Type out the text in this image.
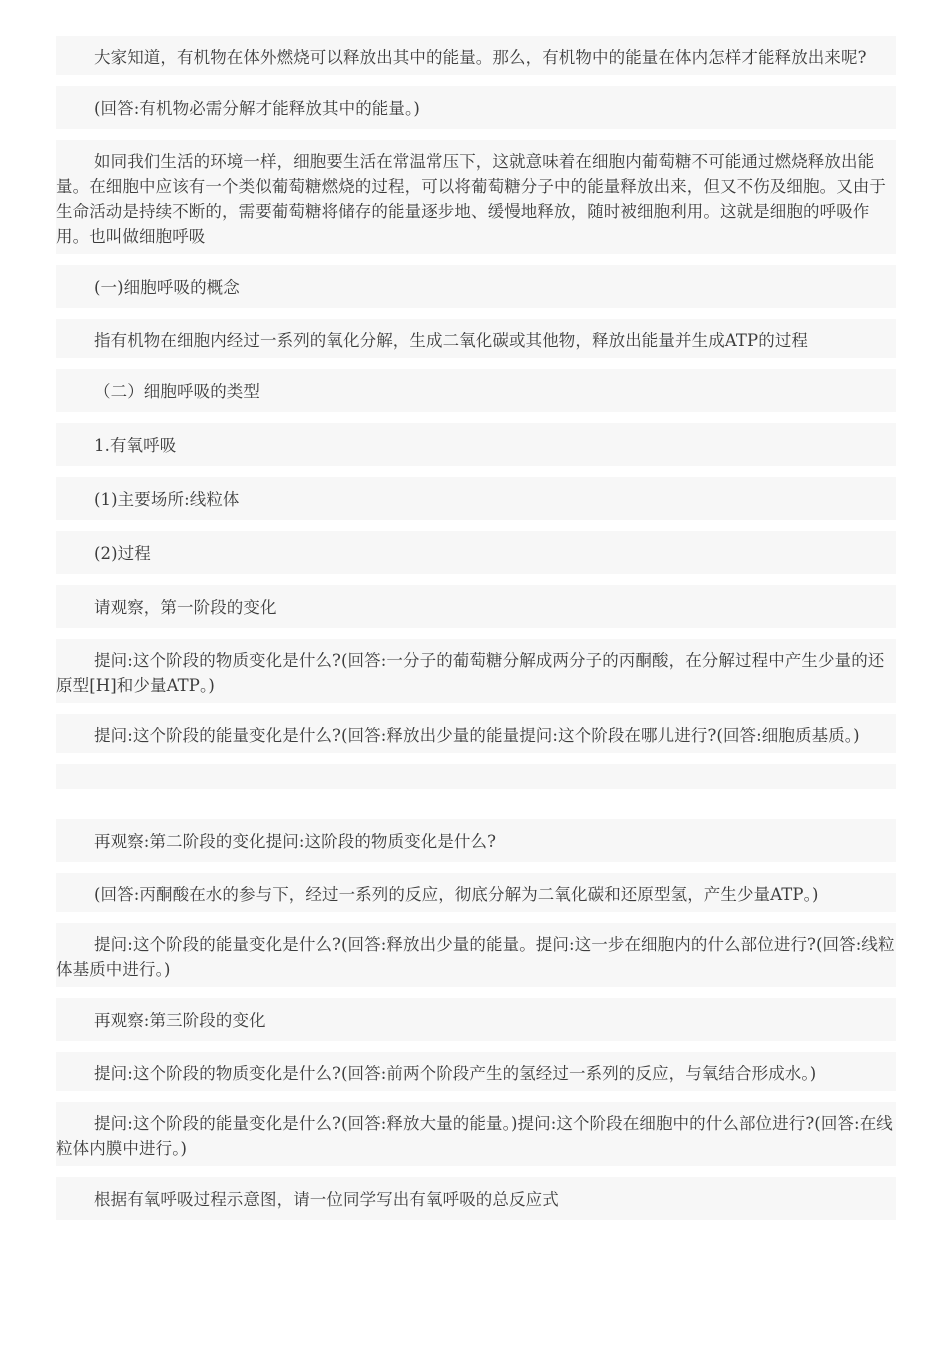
大家知道，有机物在体外燃烧可以释放出其中的能量。那么，有机物中的能量在体内怎样才能释放出来呢?

(回答:有机物必需分解才能释放其中的能量。)

如同我们生活的环境一样，细胞要生活在常温常压下，这就意味着在细胞内葡萄糖不可能通过燃烧释放出能量。在细胞中应该有一个类似葡萄糖燃烧的过程，可以将葡萄糖分子中的能量释放出来，但又不伤及细胞。又由于生命活动是持续不断的，需要葡萄糖将储存的能量逐步地、缓慢地释放，随时被细胞利用。这就是细胞的呼吸作用。也叫做细胞呼吸

(一)细胞呼吸的概念

指有机物在细胞内经过一系列的氧化分解，生成二氧化碳或其他物，释放出能量并生成ATP的过程

（二）细胞呼吸的类型

1.有氧呼吸

(1)主要场所:线粒体

(2)过程

请观察，第一阶段的变化

提问:这个阶段的物质变化是什么?(回答:一分子的葡萄糖分解成两分子的丙酮酸，在分解过程中产生少量的还原型[H]和少量ATP。)

提问:这个阶段的能量变化是什么?(回答:释放出少量的能量提问:这个阶段在哪儿进行?(回答:细胞质基质。)

再观察:第二阶段的变化提问:这阶段的物质变化是什么?

(回答:丙酮酸在水的参与下，经过一系列的反应，彻底分解为二氧化碳和还原型氢，产生少量ATP。)

提问:这个阶段的能量变化是什么?(回答:释放出少量的能量。提问:这一步在细胞内的什么部位进行?(回答:线粒体基质中进行。)

再观察:第三阶段的变化

提问:这个阶段的物质变化是什么?(回答:前两个阶段产生的氢经过一系列的反应，与氧结合形成水。)

提问:这个阶段的能量变化是什么?(回答:释放大量的能量。)提问:这个阶段在细胞中的什么部位进行?(回答:在线粒体内膜中进行。)

根据有氧呼吸过程示意图，请一位同学写出有氧呼吸的总反应式
